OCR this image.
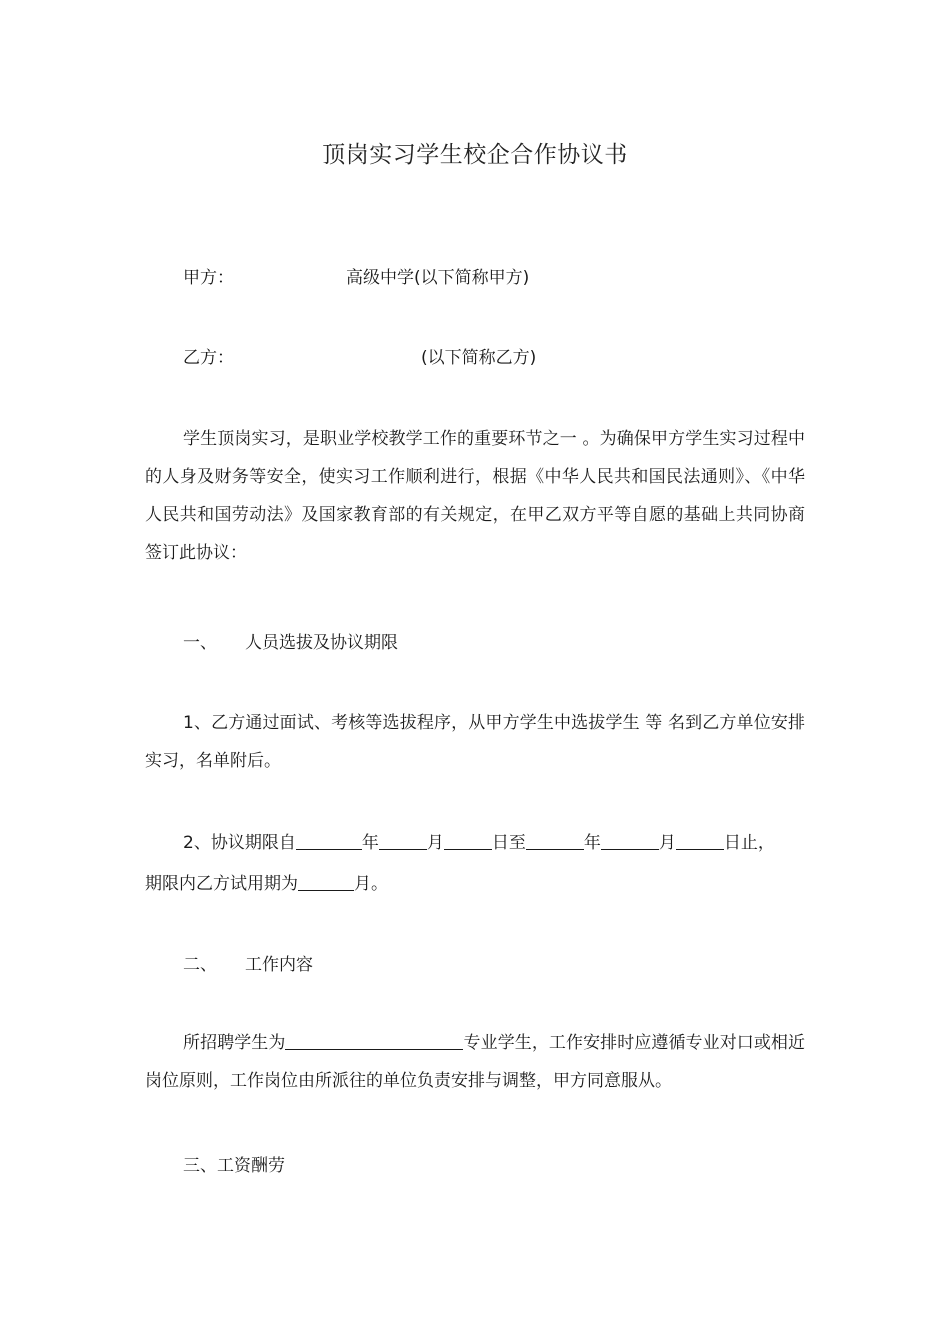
顶岗实习学生校企合作协议书
甲方：	高级中学(以下简称甲方)
乙方：	(以下简称乙方)
学生顶岗实习，是职业学校教学工作的重要环节之一 。为确保甲方学生实习过程中的人身及财务等安全，使实习工作顺利进行，根据《中华人民共和国民法通则》、《中华人民共和国劳动法》及国家教育部的有关规定，在甲乙双方平等自愿的基础上共同协商签订此协议：
一、 人员选拔及协议期限
1、乙方通过面试、考核等选拔程序，从甲方学生中选拔学生 等 名到乙方单位安排实习，名单附后。
2、协议期限自	年	月	日至	年	月	日止，
期限内乙方试用期为	月。
二、 工作内容
所招聘学生为	专业学生，工作安排时应遵循专业对口或相近岗位原则，工作岗位由所派往的单位负责安排与调整，甲方同意服从。
三、工资酬劳
